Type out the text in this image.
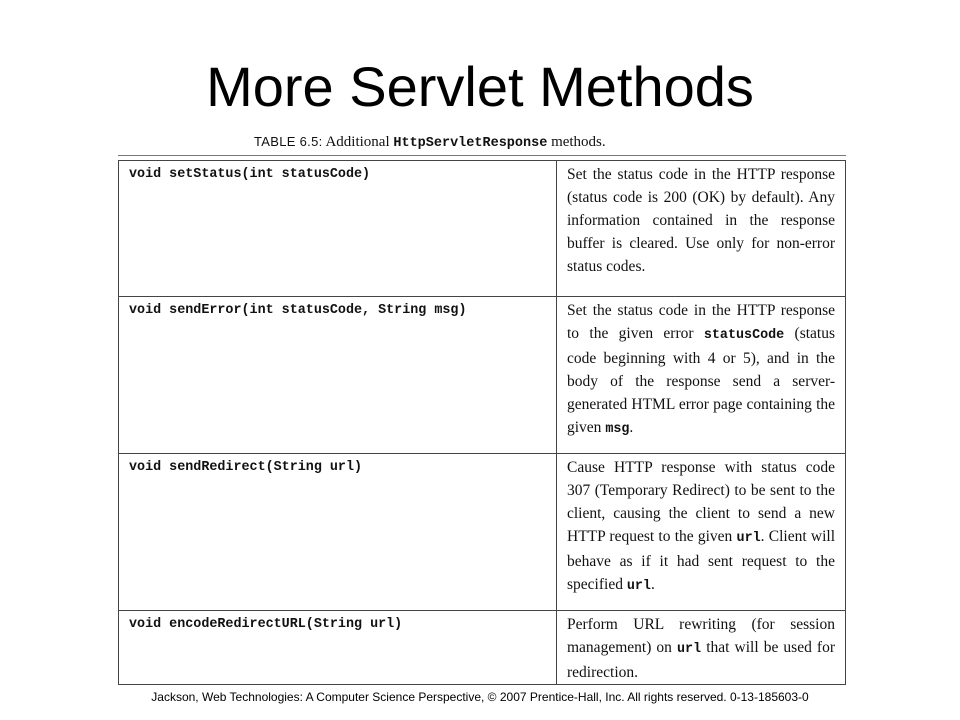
More Servlet Methods
TABLE 6.5: Additional HttpServletResponse methods.
void setStatus(int statusCode)	Set the status code in the HTTP response (status code is 200 (OK) by default). Any information contained in the response buffer is cleared. Use only for non-error status codes.
void sendError(int statusCode, String msg)	Set the status code in the HTTP response to the given error statusCode (status code beginning with 4 or 5), and in the body of the response send a server-generated HTML error page containing the given msg.
void sendRedirect(String url)	Cause HTTP response with status code 307 (Temporary Redirect) to be sent to the client, causing the client to send a new HTTP request to the given url. Client will behave as if it had sent request to the specified url.
void encodeRedirectURL(String url)	Perform URL rewriting (for session management) on url that will be used for redirection.
Jackson, Web Technologies: A Computer Science Perspective, © 2007 Prentice-Hall, Inc. All rights reserved. 0-13-185603-0
